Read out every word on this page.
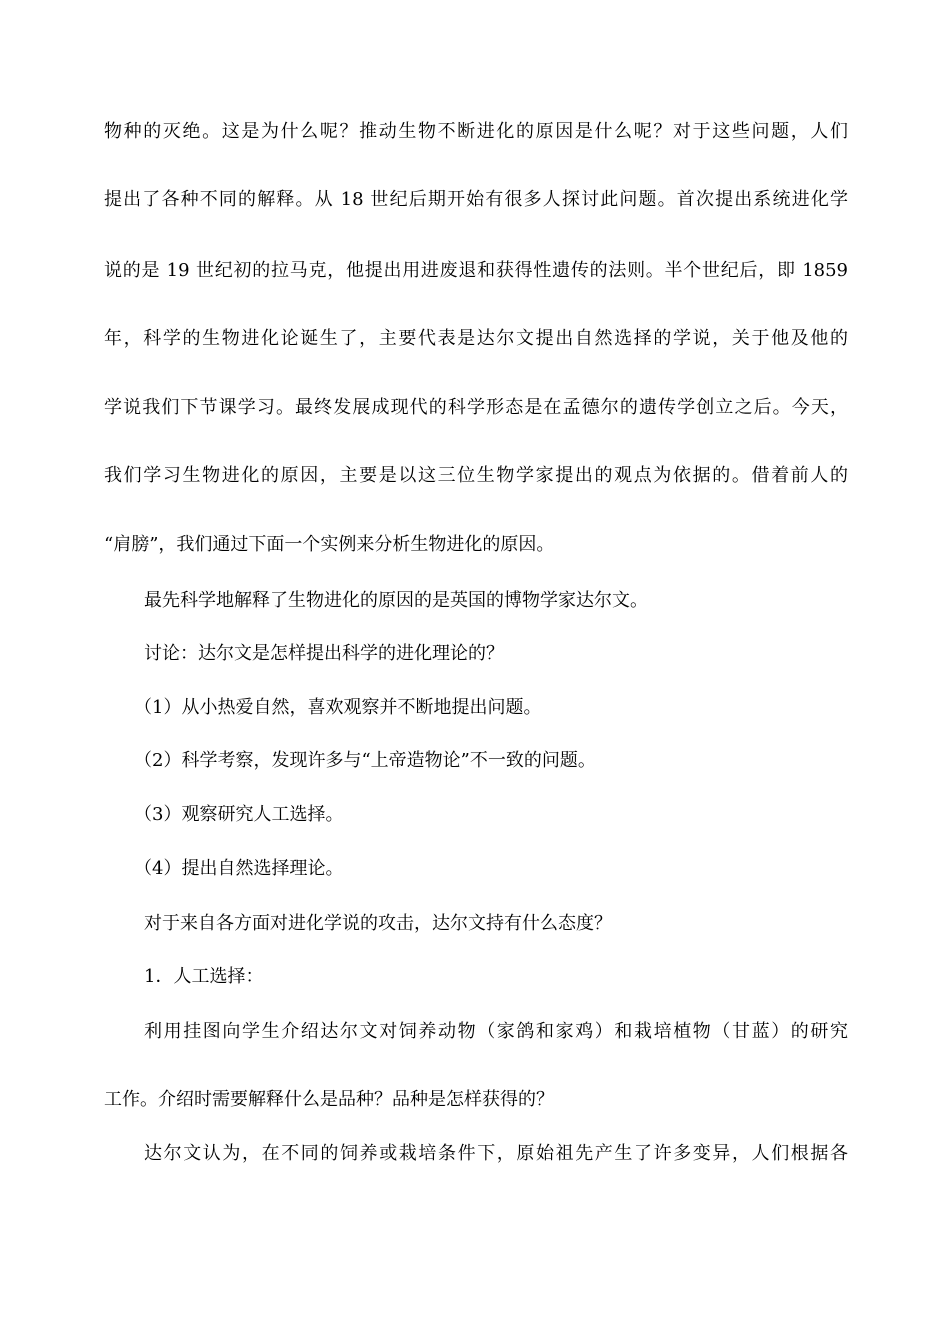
物种的灭绝。这是为什么呢？推动生物不断进化的原因是什么呢？对于这些问题，人们
提出了各种不同的解释。从 18 世纪后期开始有很多人探讨此问题。首次提出系统进化学
说的是 19 世纪初的拉马克，他提出用进废退和获得性遗传的法则。半个世纪后，即 1859
年，科学的生物进化论诞生了，主要代表是达尔文提出自然选择的学说，关于他及他的
学说我们下节课学习。最终发展成现代的科学形态是在孟德尔的遗传学创立之后。今天，
我们学习生物进化的原因，主要是以这三位生物学家提出的观点为依据的。借着前人的
“肩膀”，我们通过下面一个实例来分析生物进化的原因。
最先科学地解释了生物进化的原因的是英国的博物学家达尔文。
讨论：达尔文是怎样提出科学的进化理论的？
（1）从小热爱自然，喜欢观察并不断地提出问题。
（2）科学考察，发现许多与“上帝造物论”不一致的问题。
（3）观察研究人工选择。
（4）提出自然选择理论。
对于来自各方面对进化学说的攻击，达尔文持有什么态度？
1．人工选择：
利用挂图向学生介绍达尔文对饲养动物（家鸽和家鸡）和栽培植物（甘蓝）的研究
工作。介绍时需要解释什么是品种？品种是怎样获得的？
达尔文认为，在不同的饲养或栽培条件下，原始祖先产生了许多变异，人们根据各
